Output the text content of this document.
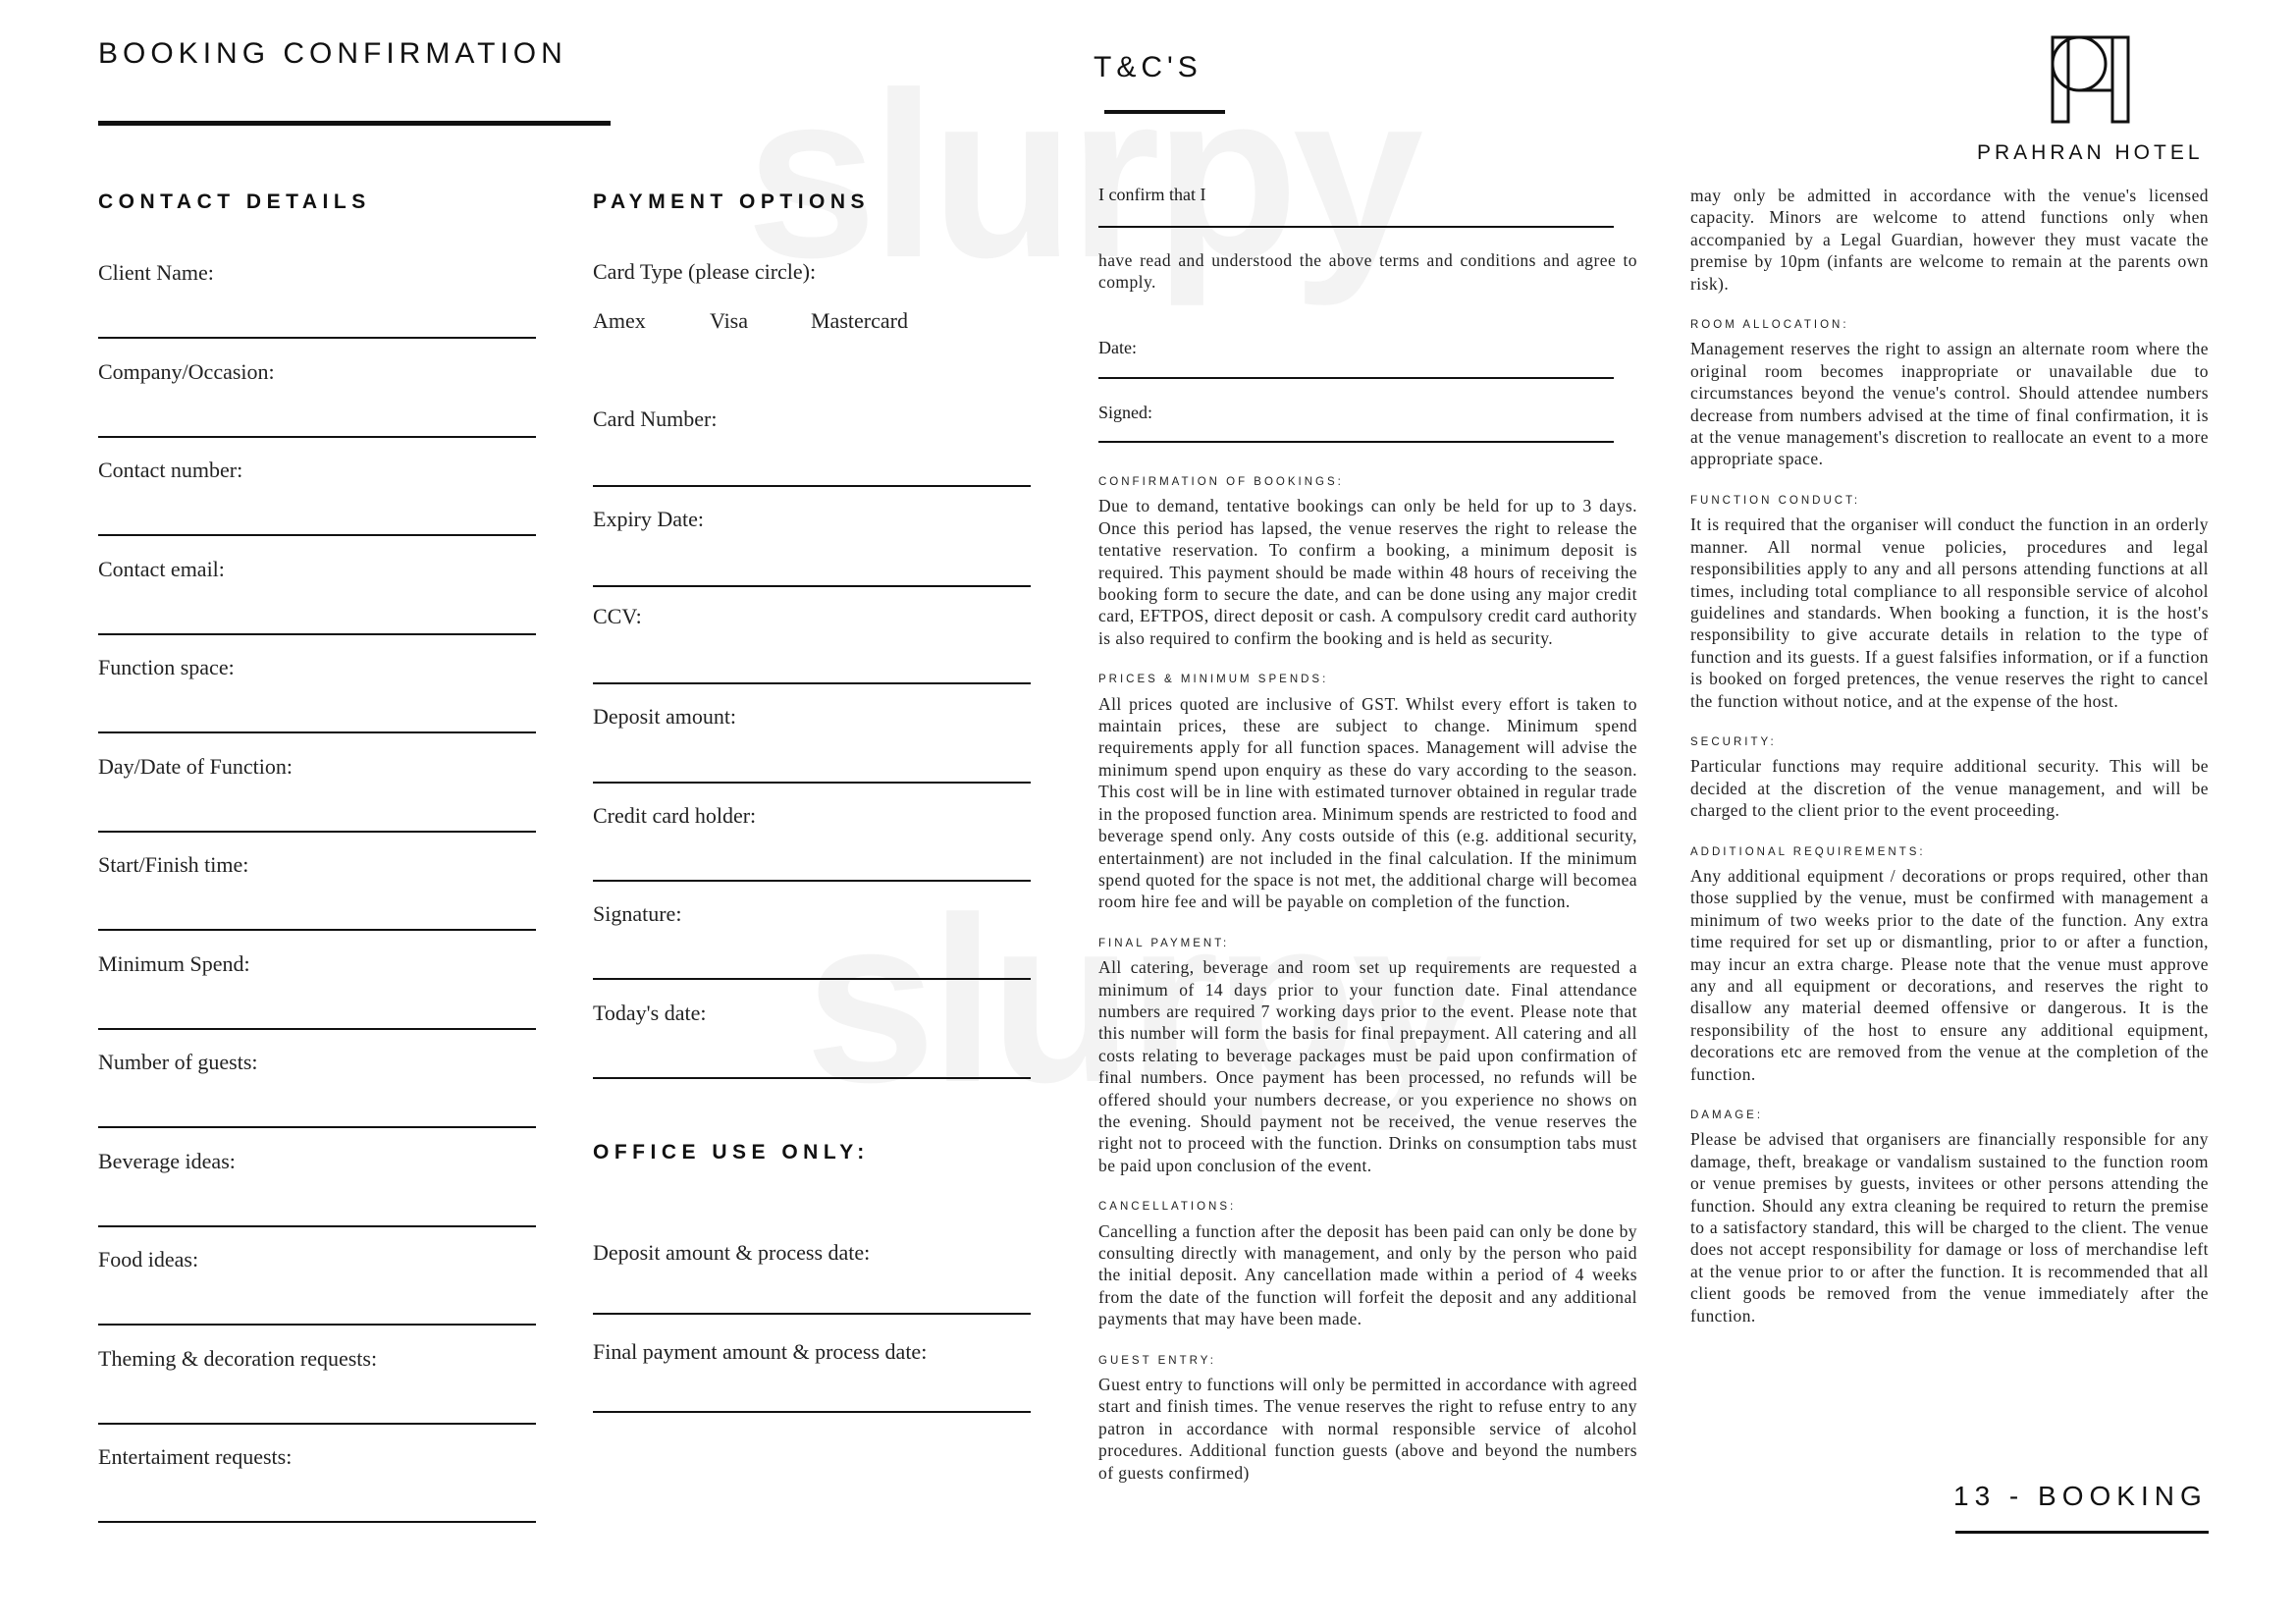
BOOKING CONFIRMATION	T&C'S
PRAHRAN HOTEL
CONTACT DETAILS
Client Name:
Company/Occasion:
Contact number:
Contact email:
Function space:
Day/Date of Function:
Start/Finish time:
Minimum Spend:
Number of guests:
Beverage ideas:
Food ideas:
Theming & decoration requests:
Entertaiment requests:
PAYMENT OPTIONS
Card Type (please circle):
Amex	Visa	Mastercard
Card Number:
Expiry Date:
CCV:
Deposit amount:
Credit card holder:
Signature:
Today's date:
OFFICE USE ONLY:
Deposit amount & process date:
Final payment amount & process date:
I confirm that I
have read and understood the above terms and conditions and agree to comply.
Date:
Signed:
CONFIRMATION OF BOOKINGS:

Due to demand, tentative bookings can only be held for up to 3 days. Once this period has lapsed, the venue reserves the right to release the tentative reservation. To confirm a booking, a minimum deposit is required. This payment should be made within 48 hours of receiving the booking form to secure the date, and can be done using any major credit card, EFTPOS, direct deposit or cash. A compulsory credit card authority is also required to confirm the booking and is held as security.

PRICES & MINIMUM SPENDS:

All prices quoted are inclusive of GST. Whilst every effort is taken to maintain prices, these are subject to change. Minimum spend requirements apply for all function spaces. Management will advise the minimum spend upon enquiry as these do vary according to the season. This cost will be in line with estimated turnover obtained in regular trade in the proposed function area. Minimum spends are restricted to food and beverage spend only. Any costs outside of this (e.g. additional security, entertainment) are not included in the final calculation. If the minimum spend quoted for the space is not met, the additional charge will becomea room hire fee and will be payable on completion of the function.

FINAL PAYMENT:

All catering, beverage and room set up requirements are requested a minimum of 14 days prior to your function date. Final attendance numbers are required 7 working days prior to the event. Please note that this number will form the basis for final prepayment. All catering and all costs relating to beverage packages must be paid upon confirmation of final numbers. Once payment has been processed, no refunds will be offered should your numbers decrease, or you experience no shows on the evening. Should payment not be received, the venue reserves the right not to proceed with the function. Drinks on consumption tabs must be paid upon conclusion of the event.

CANCELLATIONS:

Cancelling a function after the deposit has been paid can only be done by consulting directly with management, and only by the person who paid the initial deposit. Any cancellation made within a period of 4 weeks from the date of the function will forfeit the deposit and any additional payments that may have been made.

GUEST ENTRY:

Guest entry to functions will only be permitted in accordance with agreed start and finish times. The venue reserves the right to refuse entry to any patron in accordance with normal responsible service of alcohol procedures. Additional function guests (above and beyond the numbers of guests confirmed)

may only be admitted in accordance with the venue's licensed capacity. Minors are welcome to attend functions only when accompanied by a Legal Guardian, however they must vacate the premise by 10pm (infants are welcome to remain at the parents own risk).

ROOM ALLOCATION:

Management reserves the right to assign an alternate room where the original room becomes inappropriate or unavailable due to circumstances beyond the venue's control. Should attendee numbers decrease from numbers advised at the time of final confirmation, it is at the venue management's discretion to reallocate an event to a more appropriate space.

FUNCTION CONDUCT:

It is required that the organiser will conduct the function in an orderly manner. All normal venue policies, procedures and legal responsibilities apply to any and all persons attending functions at all times, including total compliance to all responsible service of alcohol guidelines and standards. When booking a function, it is the host's responsibility to give accurate details in relation to the type of function and its guests. If a guest falsifies information, or if a function is booked on forged pretences, the venue reserves the right to cancel the function without notice, and at the expense of the host.

SECURITY:

Particular functions may require additional security. This will be decided at the discretion of the venue management, and will be charged to the client prior to the event proceeding.

ADDITIONAL REQUIREMENTS:

Any additional equipment / decorations or props required, other than those supplied by the venue, must be confirmed with management a minimum of two weeks prior to the date of the function. Any extra time required for set up or dismantling, prior to or after a function, may incur an extra charge. Please note that the venue must approve any and all equipment or decorations, and reserves the right to disallow any material deemed offensive or dangerous. It is the responsibility of the host to ensure any additional equipment, decorations etc are removed from the venue at the completion of the function.

DAMAGE:

Please be advised that organisers are financially responsible for any damage, theft, breakage or vandalism sustained to the function room or venue premises by guests, invitees or other persons attending the function. Should any extra cleaning be required to return the premise to a satisfactory standard, this will be charged to the client. The venue does not accept responsibility for damage or loss of merchandise left at the venue prior to or after the function. It is recommended that all client goods be removed from the venue immediately after the function.

13 - BOOKING
